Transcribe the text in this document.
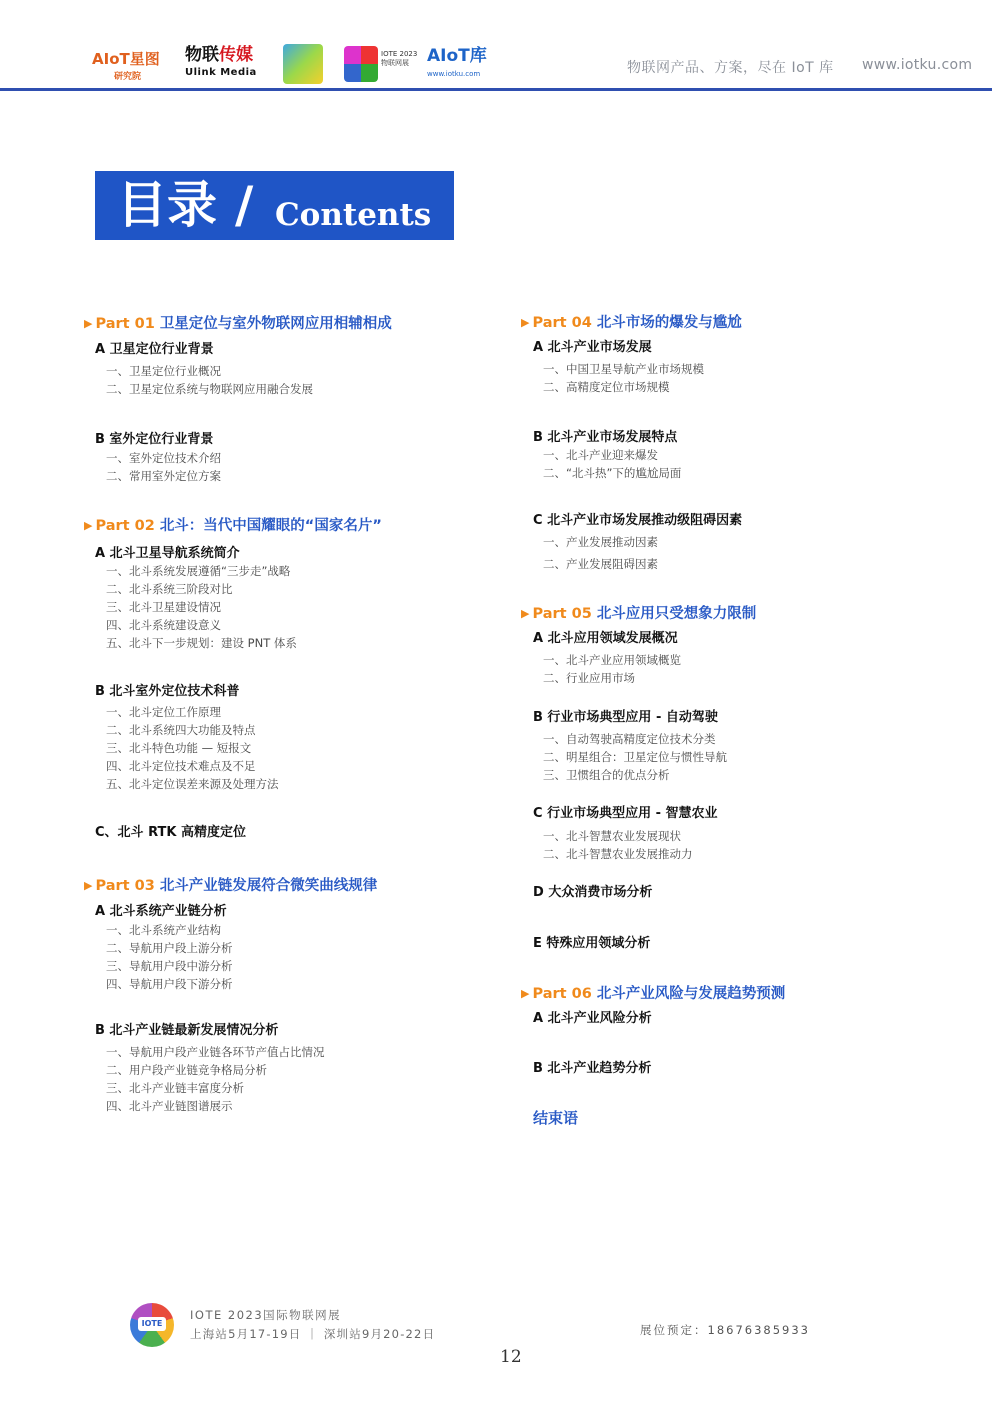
AIoT星图
研究院
物联传媒
Ulink Media
IOTE 2023
物联网展	AIoT库
www.iotku.com	物联网产品、方案，尽在 IoT 库 www.iotku.com
目录 / Contents
▶ Part 01 卫星定位与室外物联网应用相辅相成
A 卫星定位行业背景
一、卫星定位行业概况
二、卫星定位系统与物联网应用融合发展
B 室外定位行业背景
一、室外定位技术介绍
二、常用室外定位方案
▶ Part 02 北斗：当代中国耀眼的“国家名片”
A 北斗卫星导航系统简介
一、北斗系统发展遵循“三步走”战略
二、北斗系统三阶段对比
三、北斗卫星建设情况
四、北斗系统建设意义
五、北斗下一步规划：建设 PNT 体系
B 北斗室外定位技术科普
一、北斗定位工作原理
二、北斗系统四大功能及特点
三、北斗特色功能 — 短报文
四、北斗定位技术难点及不足
五、北斗定位误差来源及处理方法
C、北斗 RTK 高精度定位
▶ Part 03 北斗产业链发展符合微笑曲线规律
A 北斗系统产业链分析
一、北斗系统产业结构
二、导航用户段上游分析
三、导航用户段中游分析
四、导航用户段下游分析
B 北斗产业链最新发展情况分析
一、导航用户段产业链各环节产值占比情况
二、用户段产业链竞争格局分析
三、北斗产业链丰富度分析
四、北斗产业链图谱展示
▶ Part 04 北斗市场的爆发与尴尬
A 北斗产业市场发展
一、中国卫星导航产业市场规模
二、高精度定位市场规模
B 北斗产业市场发展特点
一、北斗产业迎来爆发
二、“北斗热”下的尴尬局面
C 北斗产业市场发展推动级阻碍因素
一、产业发展推动因素
二、产业发展阻碍因素
▶ Part 05 北斗应用只受想象力限制
A 北斗应用领域发展概况
一、北斗产业应用领域概览
二、行业应用市场
B 行业市场典型应用 - 自动驾驶
一、自动驾驶高精度定位技术分类
二、明星组合：卫星定位与惯性导航
三、卫惯组合的优点分析
C 行业市场典型应用 - 智慧农业
一、北斗智慧农业发展现状
二、北斗智慧农业发展推动力
D 大众消费市场分析
E 特殊应用领域分析
▶ Part 06 北斗产业风险与发展趋势预测
A 北斗产业风险分析
B 北斗产业趋势分析
结束语
IOTE
IOTE 2023国际物联网展
上海站5月17-19日 ｜ 深圳站9月20-22日	展位预定：18676385933
12
